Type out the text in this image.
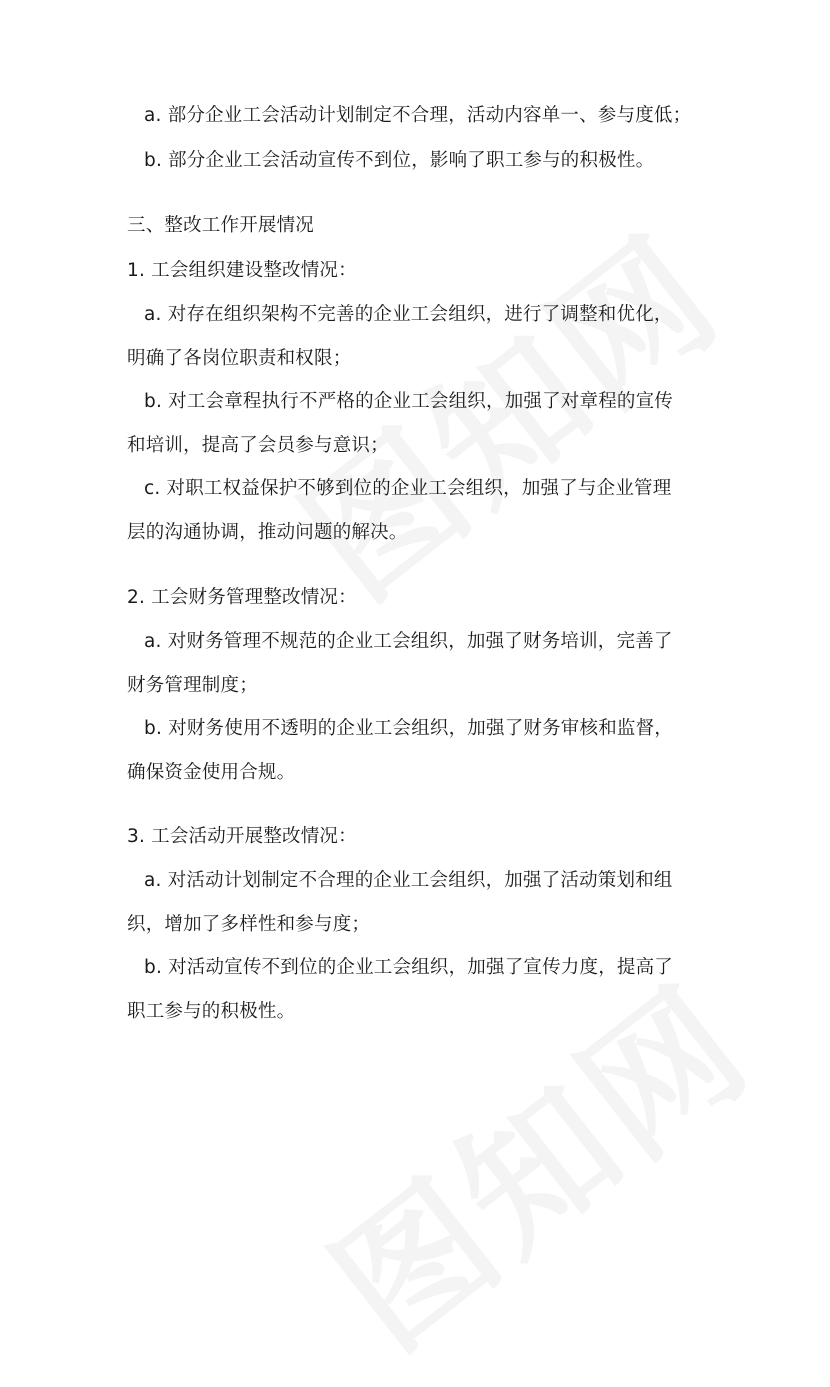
a. 部分企业工会活动计划制定不合理，活动内容单一、参与度低；
b. 部分企业工会活动宣传不到位，影响了职工参与的积极性。
三、整改工作开展情况
1. 工会组织建设整改情况：
a. 对存在组织架构不完善的企业工会组织，进行了调整和优化，
明确了各岗位职责和权限；
b. 对工会章程执行不严格的企业工会组织，加强了对章程的宣传
和培训，提高了会员参与意识；
c. 对职工权益保护不够到位的企业工会组织，加强了与企业管理
层的沟通协调，推动问题的解决。
2. 工会财务管理整改情况：
a. 对财务管理不规范的企业工会组织，加强了财务培训，完善了
财务管理制度；
b. 对财务使用不透明的企业工会组织，加强了财务审核和监督，
确保资金使用合规。
3. 工会活动开展整改情况：
a. 对活动计划制定不合理的企业工会组织，加强了活动策划和组
织，增加了多样性和参与度；
b. 对活动宣传不到位的企业工会组织，加强了宣传力度，提高了
职工参与的积极性。
